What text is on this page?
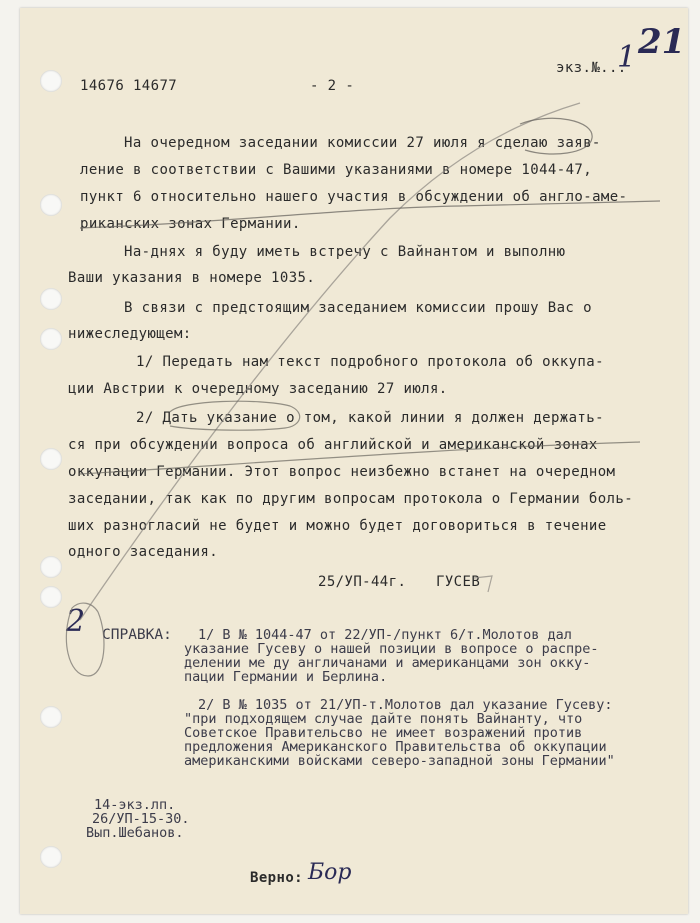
14676 14677	- 2 -
экз.№...
1 21
На очередном заседании комиссии 27 июля я сделаю заяв-
ление в соответствии с Вашими указаниями в номере 1044-47,
пункт 6 относительно нашего участия в обсуждении об англо-аме-
риканских зонах Германии.
На-днях я буду иметь встречу с Вайнантом и выполню
Ваши указания в номере 1035.
В связи с предстоящим заседанием комиссии прошу Вас о
нижеследующем:
1/ Передать нам текст подробного протокола об оккупа-
ции Австрии к очередному заседанию 27 июля.
2/ Дать указание о том, какой линии я должен держать-
ся при обсуждении вопроса об английской и американской зонах
оккупации Германии. Этот вопрос неизбежно встанет на очередном
заседании, так как по другим вопросам протокола о Германии боль-
ших разногласий не будет и можно будет договориться в течение
одного заседания.
25/УП-44г. ГУСЕВ
2 СПРАВКА: 1/ В № 1044-47 от 22/УП-/пункт 6/т.Молотов дал
указание Гусеву о нашей позиции в вопросе о распре-
делении ме ду англичанами и американцами зон окку-
пации Германии и Берлина.
2/ В № 1035 от 21/УП-т.Молотов дал указание Гусеву:
"при подходящем случае дайте понять Вайнанту, что
Советское Правительсво не имеет возражений против
предложения Американского Правительства об оккупации
американскими войсками северо-западной зоны Германии"
14-экз.лп.
26/УП-15-30.
Вып.Шебанов.
Верно: Бор
